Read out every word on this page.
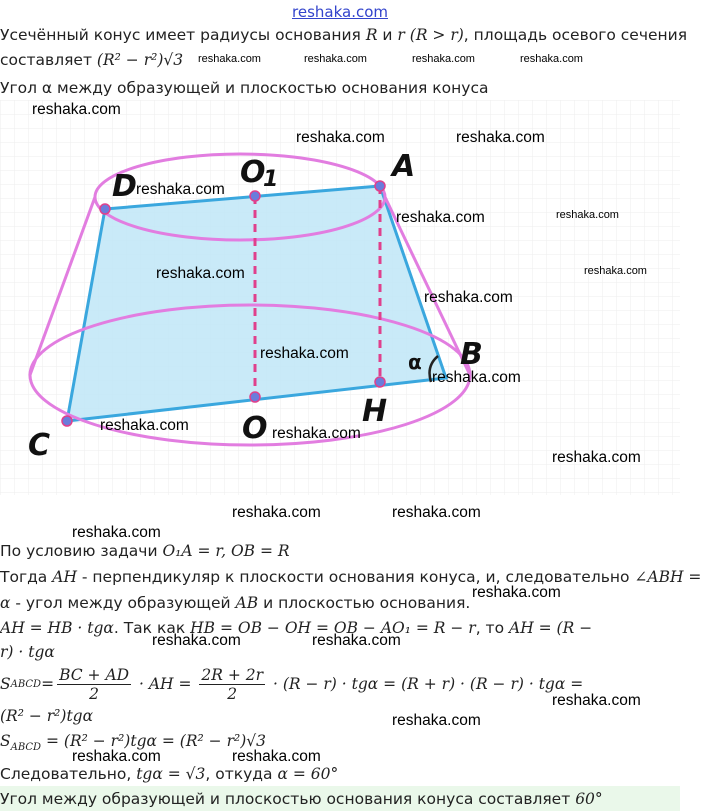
reshaka.com
Усечённый конус имеет радиусы основания R и r (R > r), площадь осевого сечения
составляет (R² − r²)√3
Угол α между образующей и плоскостью основания конуса
reshaka.com	reshaka.com	reshaka.com	reshaka.com
D	O
1	A
B
C	O	H
α
reshaka.com
reshaka.com	reshaka.com
reshaka.com
reshaka.com
reshaka.com
reshaka.com
reshaka.com
reshaka.com
reshaka.com	reshaka.com
reshaka.com
reshaka.com
reshaka.com
reshaka.com	reshaka.com
reshaka.com
По условию задачи O₁A = r, OB = R
Тогда AH - перпендикуляр к плоскости основания конуса, и, следовательно ∠ABH =
reshaka.com
α - угол между образующей AB и плоскостью основания.
AH = HB · tgα. Так как HB = OB − OH = OB − AO₁ = R − r, то AH = (R −
reshaka.com	reshaka.com
r) · tgα
S ABCD = $\frac{BC + AD}{2}$ · AH = $\frac{2R + 2r}{2} \cdot (R - r) \cdot tg\alpha = (R + r) \cdot (R - r) \cdot tg\alpha$ =
reshaka.com
(R² − r²)tgα	reshaka.com
$S_{ABCD} = (R^2 - r^2)tg\alpha = (R^2 - r^2)√3$
reshaka.com	reshaka.com
Следовательно, tgα = √3, откуда α = 60°
Угол между образующей и плоскостью основания конуса составляет 60°
